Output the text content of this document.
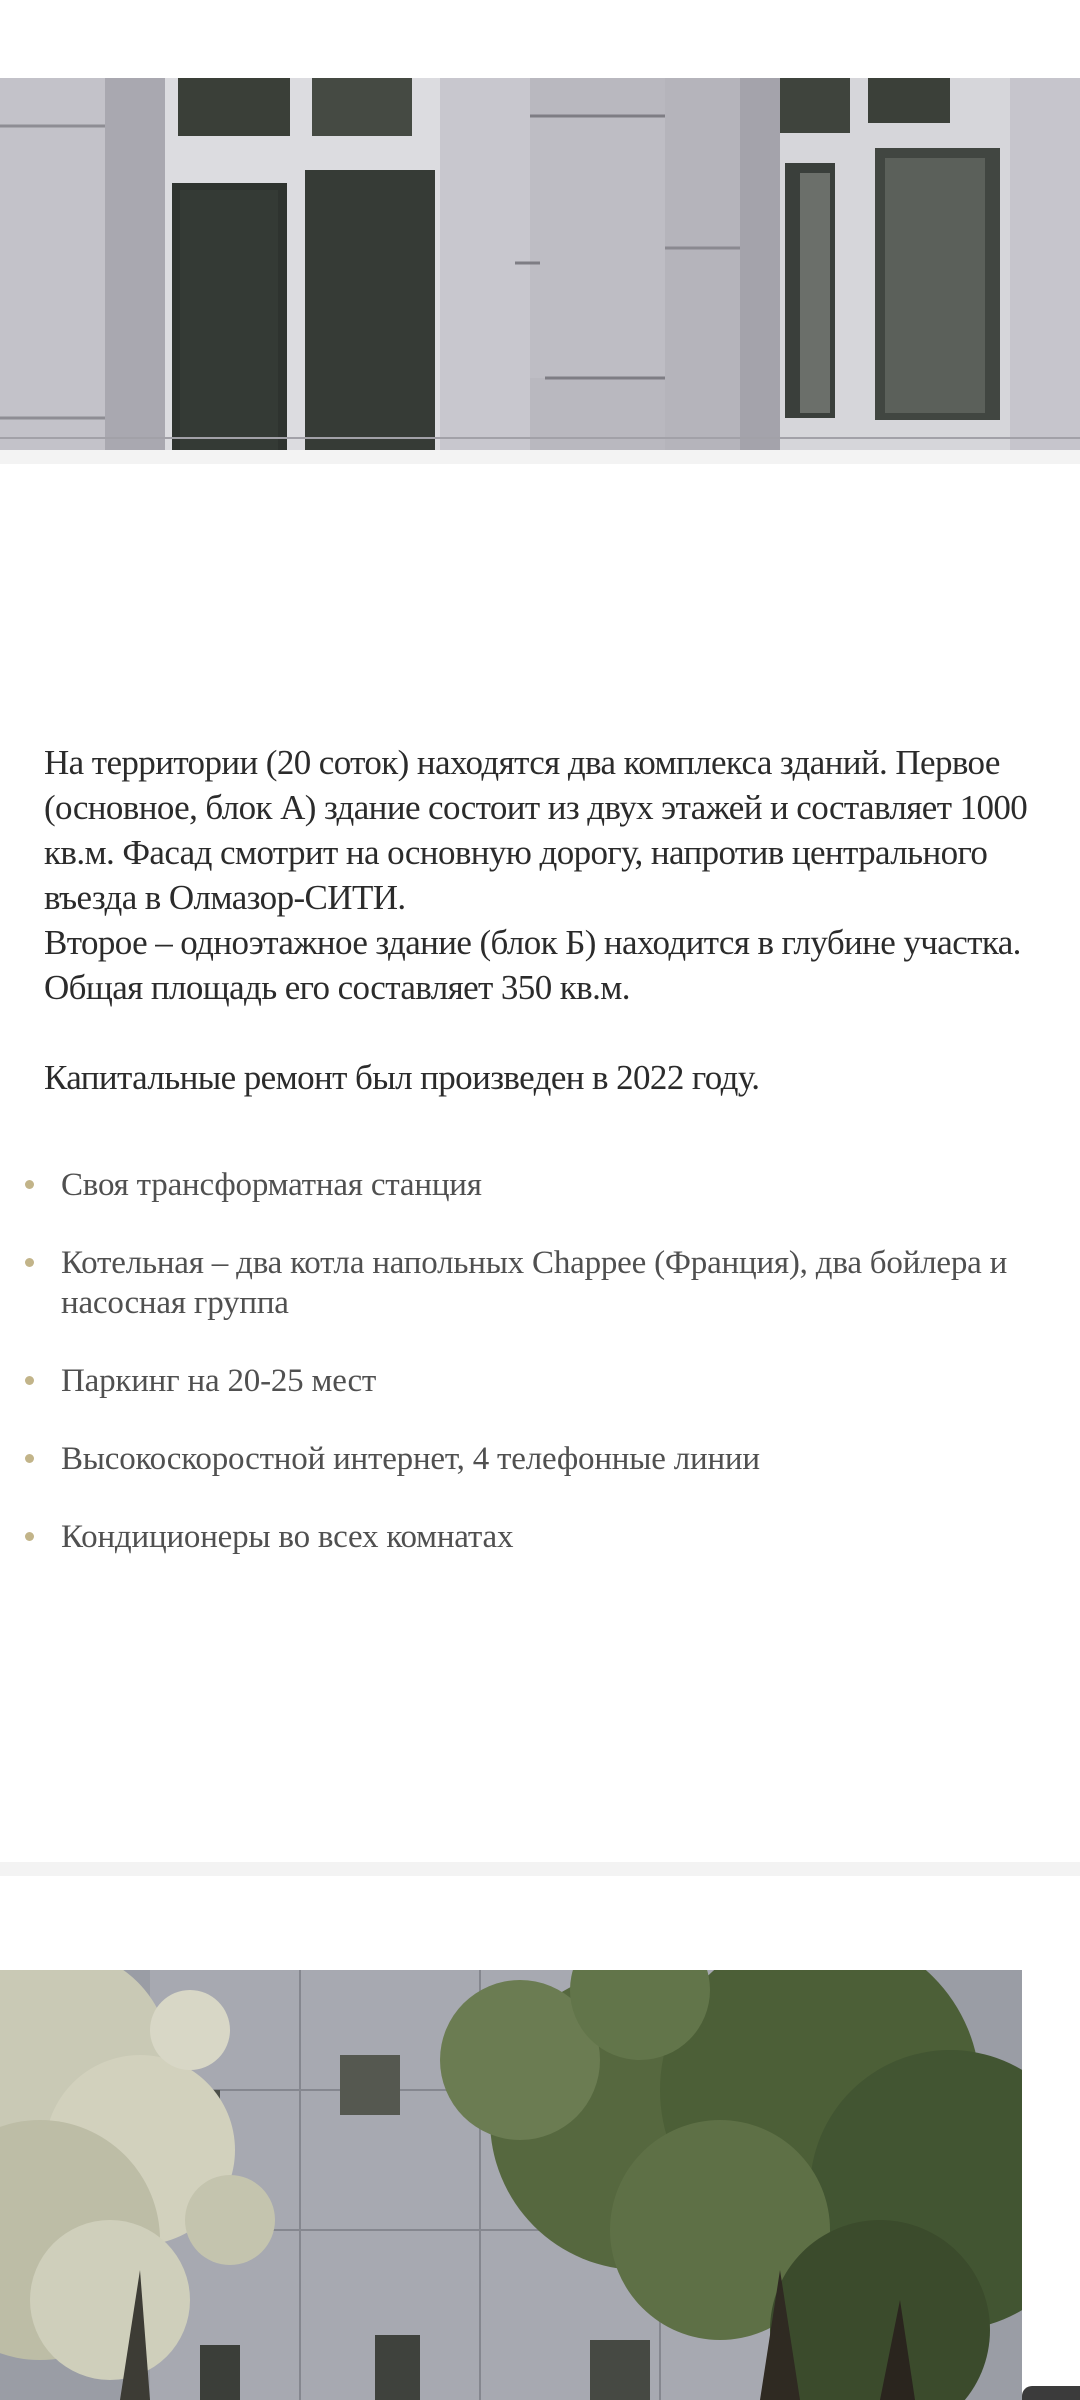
На территории (20 соток) находятся два комплекса зданий. Первое (основное, блок А) здание состоит из двух этажей и составляет 1000 кв.м. Фасад смотрит на основную дорогу, напротив центрального въезда в Олмазор-СИТИ.

Второе – одноэтажное здание (блок Б) находится в глубине участка. Общая площадь его составляет 350 кв.м.

Капитальные ремонт был произведен в 2022 году.

Своя трансформатная станция
Котельная – два котла напольных Chappee (Франция), два бойлера и насосная группа
Паркинг на 20-25 мест
Высокоскоростной интернет, 4 телефонные линии
Кондиционеры во всех комнатах
